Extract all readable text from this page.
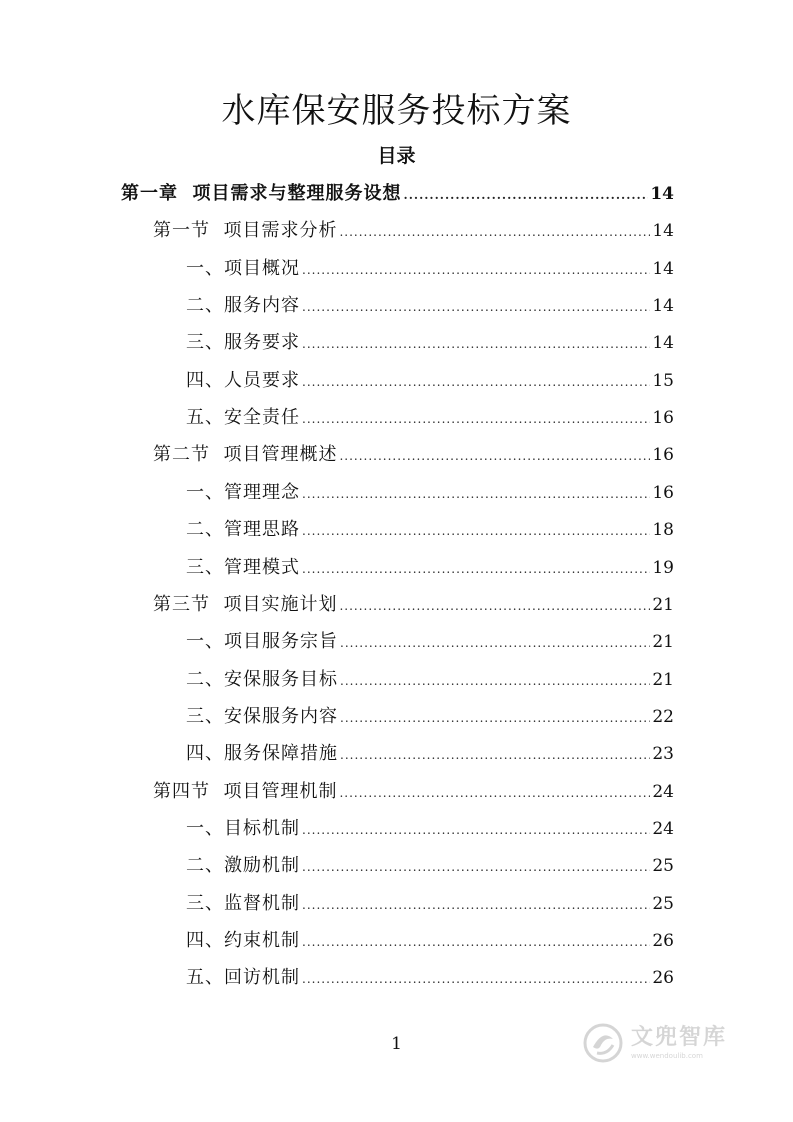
水库保安服务投标方案
目录
第一章  项目需求与整理服务设想 .....	14
第一节  项目需求分析 .....	14
一、项目概况 .....	14
二、服务内容 .....	14
三、服务要求 .....	14
四、人员要求 .....	15
五、安全责任 .....	16
第二节  项目管理概述 .....	16
一、管理理念 .....	16
二、管理思路 .....	18
三、管理模式 .....	19
第三节  项目实施计划 .....	21
一、项目服务宗旨 .....	21
二、安保服务目标 .....	21
三、安保服务内容 .....	22
四、服务保障措施 .....	23
第四节  项目管理机制 .....	24
一、目标机制 .....	24
二、激励机制 .....	25
三、监督机制 .....	25
四、约束机制 .....	26
五、回访机制 .....	26
1	文兜智库
www.wendoulib.com
